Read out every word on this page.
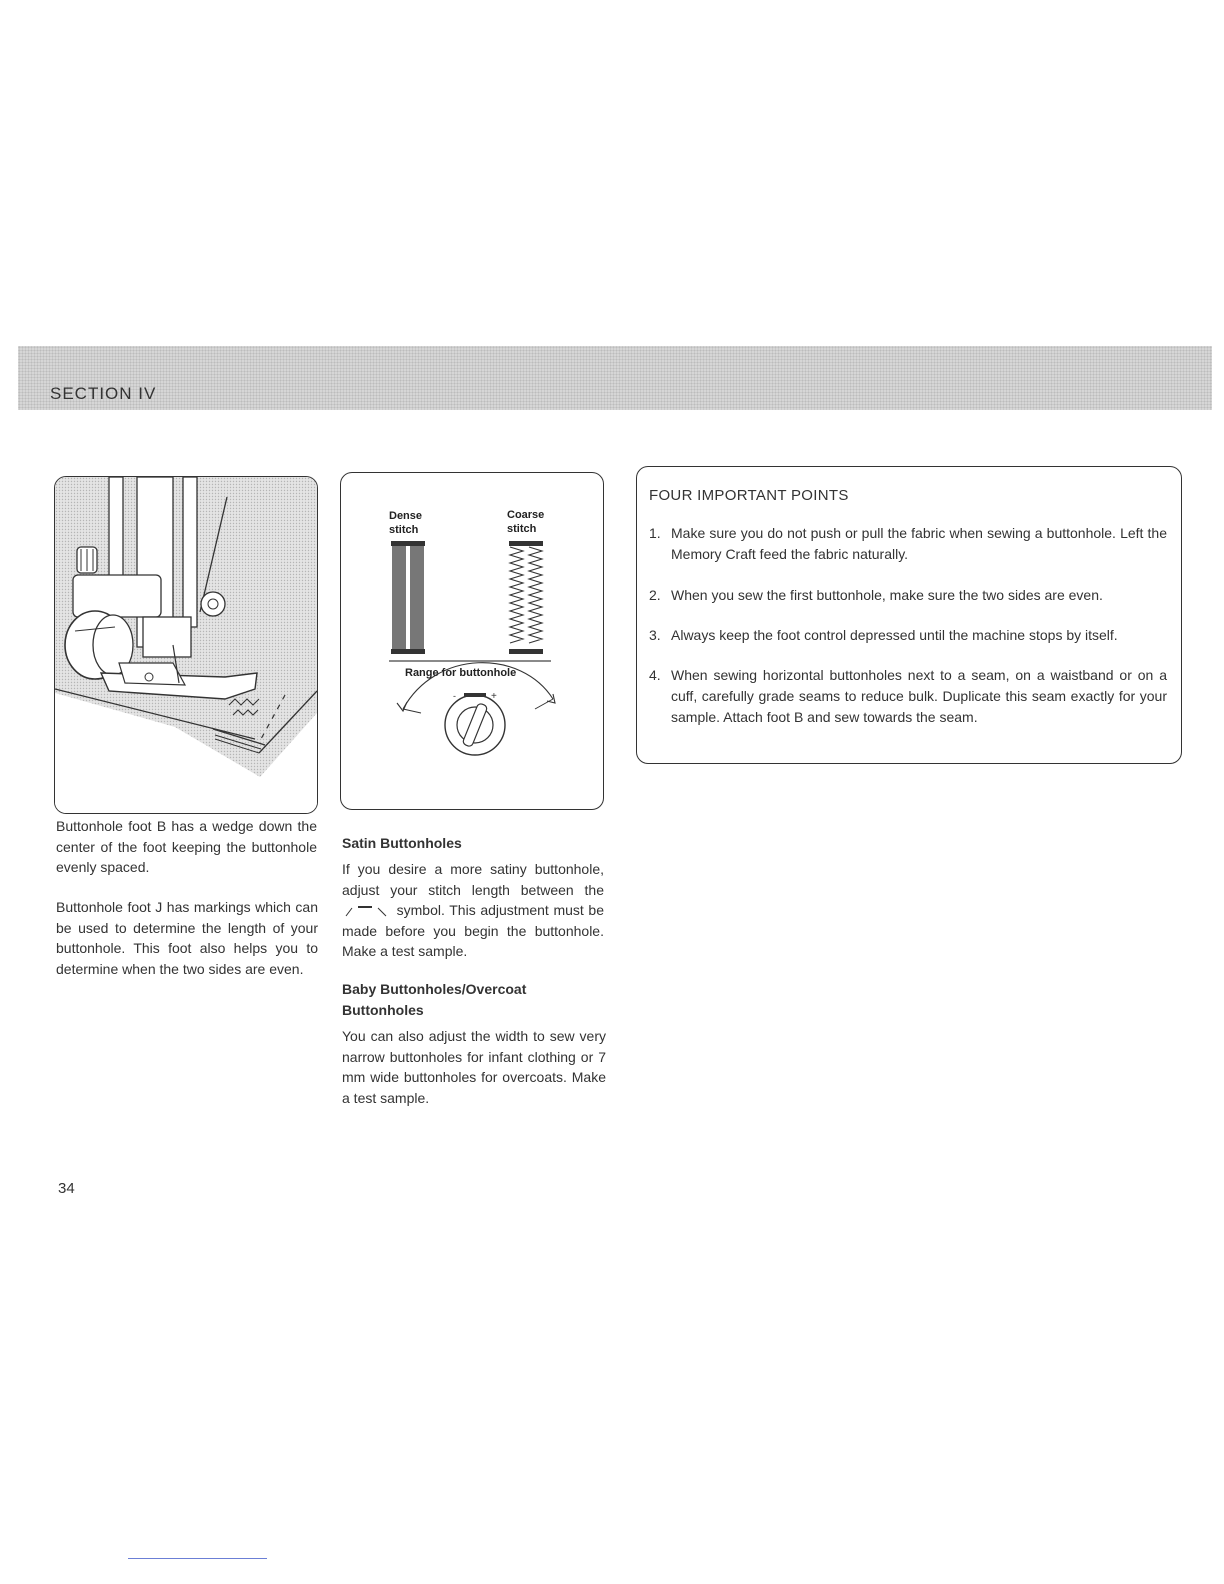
SECTION IV
Dense
stitch
Coarse
stitch
Range for buttonhole
-	+

Buttonhole foot B has a wedge down the center of the foot keeping the buttonhole evenly spaced.

Buttonhole foot J has markings which can be used to determine the length of your buttonhole. This foot also helps you to determine when the two sides are even.

Satin Buttonholes

If you desire a more satiny buttonhole, adjust your stitch length between the
symbol. This adjustment must be made before you begin the buttonhole. Make a test sample.

Baby Buttonholes/Overcoat

Buttonholes

You can also adjust the width to sew very narrow buttonholes for infant clothing or 7 mm wide buttonholes for overcoats. Make a test sample.

FOUR IMPORTANT POINTS

1. Make sure you do not push or pull the fabric when sewing a buttonhole. Left the Memory Craft feed the fabric naturally.
2. When you sew the first buttonhole, make sure the two sides are even.
3. Always keep the foot control depressed until the machine stops by itself.
4. When sewing horizontal buttonholes next to a seam, on a waistband or on a cuff, carefully grade seams to reduce bulk. Duplicate this seam exactly for your sample. Attach foot B and sew towards the seam.
34
